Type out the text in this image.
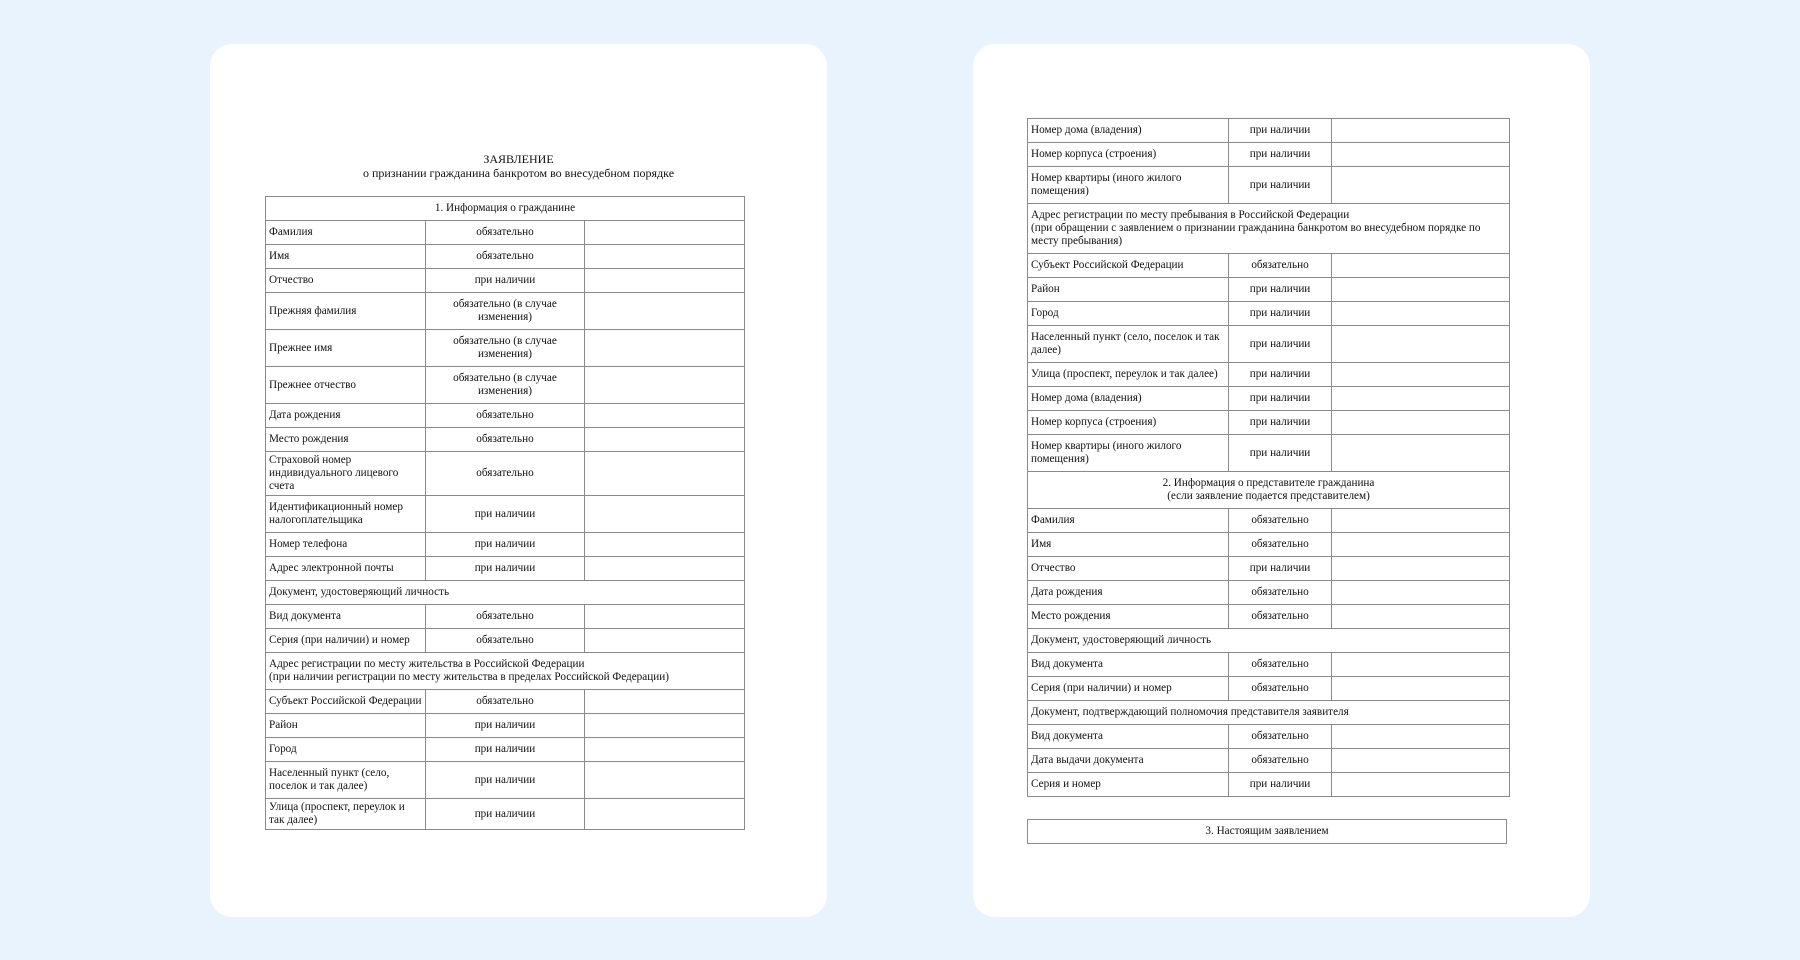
ЗАЯВЛЕНИЕ
о признании гражданина банкротом во внесудебном порядке
1. Информация о гражданине		
Фамилия	обязательно	
Имя	обязательно	
Отчество	при наличии	
Прежняя фамилия	обязательно (в случае изменения)	
Прежнее имя	обязательно (в случае изменения)	
Прежнее отчество	обязательно (в случае изменения)	
Дата рождения	обязательно	
Место рождения	обязательно	
Страховой номер индивидуального лицевого счета	обязательно	
Идентификационный номер налогоплательщика	при наличии	
Номер телефона	при наличии	
Адрес электронной почты	при наличии	
Документ, удостоверяющий личность		
Вид документа	обязательно	
Серия (при наличии) и номер	обязательно	
Адрес регистрации по месту жительства в Российской Федерации
(при наличии регистрации по месту жительства в пределах Российской Федерации)		
Субъект Российской Федерации	обязательно	
Район	при наличии	
Город	при наличии	
Населенный пункт (село, поселок и так далее)	при наличии	
Улица (проспект, переулок и так далее)	при наличии	
Номер дома (владения)	при наличии	
Номер корпуса (строения)	при наличии	
Номер квартиры (иного жилого помещения)	при наличии	
Адрес регистрации по месту пребывания в Российской Федерации
(при обращении с заявлением о признании гражданина банкротом во внесудебном порядке по месту пребывания)		
Субъект Российской Федерации	обязательно	
Район	при наличии	
Город	при наличии	
Населенный пункт (село, поселок и так далее)	при наличии	
Улица (проспект, переулок и так далее)	при наличии	
Номер дома (владения)	при наличии	
Номер корпуса (строения)	при наличии	
Номер квартиры (иного жилого помещения)	при наличии	
2. Информация о представителе гражданина
(если заявление подается представителем)		
Фамилия	обязательно	
Имя	обязательно	
Отчество	при наличии	
Дата рождения	обязательно	
Место рождения	обязательно	
Документ, удостоверяющий личность		
Вид документа	обязательно	
Серия (при наличии) и номер	обязательно	
Документ, подтверждающий полномочия представителя заявителя		
Вид документа	обязательно	
Дата выдачи документа	обязательно	
Серия и номер	при наличии	
3. Настоящим заявлением
